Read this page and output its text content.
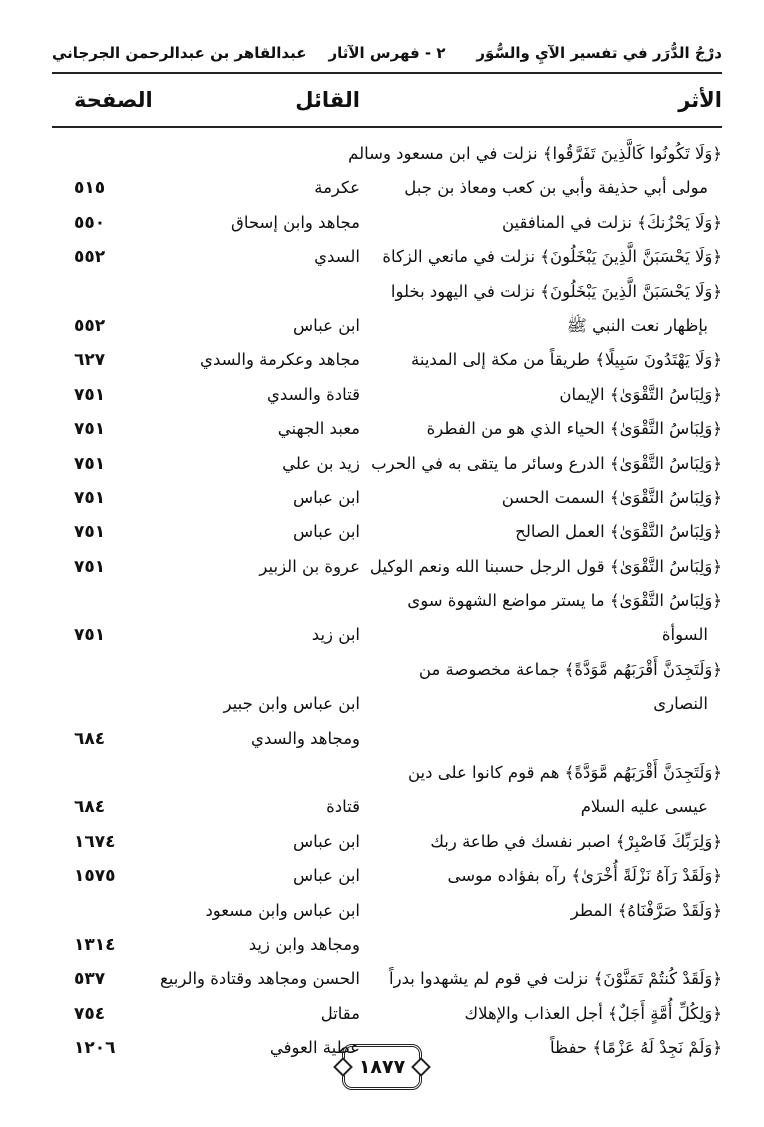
درْجُ الدُّرَر في تفسير الآيِ والسُّوَر
٢ - فهرس الآثار
عبدالقاهر بن عبدالرحمن الجرجاني
الأثر
القائل
الصفحة
﴿وَلَا تَكُونُوا كَالَّذِينَ تَفَرَّقُوا﴾ نزلت في ابن مسعود وسالم
مولى أبي حذيفة وأبي بن كعب ومعاذ بن جبل
عكرمة
٥١٥
﴿وَلَا يَحْزُنكَ﴾ نزلت في المنافقين
مجاهد وابن إسحاق
٥٥٠
﴿وَلَا يَحْسَبَنَّ الَّذِينَ يَبْخَلُونَ﴾ نزلت في مانعي الزكاة
السدي
٥٥٢
﴿وَلَا يَحْسَبَنَّ الَّذِينَ يَبْخَلُونَ﴾ نزلت في اليهود بخلوا
بإظهار نعت النبي ﷺ
ابن عباس
٥٥٢
﴿وَلَا يَهْتَدُونَ سَبِيلًا﴾ طريقاً من مكة إلى المدينة
مجاهد وعكرمة والسدي
٦٢٧
﴿وَلِبَاسُ التَّقْوَىٰ﴾ الإيمان
قتادة والسدي
٧٥١
﴿وَلِبَاسُ التَّقْوَىٰ﴾ الحياء الذي هو من الفطرة
معبد الجهني
٧٥١
﴿وَلِبَاسُ التَّقْوَىٰ﴾ الدرع وسائر ما يتقى به في الحرب
زيد بن علي
٧٥١
﴿وَلِبَاسُ التَّقْوَىٰ﴾ السمت الحسن
ابن عباس
٧٥١
﴿وَلِبَاسُ التَّقْوَىٰ﴾ العمل الصالح
ابن عباس
٧٥١
﴿وَلِبَاسُ التَّقْوَىٰ﴾ قول الرجل حسبنا الله ونعم الوكيل
عروة بن الزبير
٧٥١
﴿وَلِبَاسُ التَّقْوَىٰ﴾ ما يستر مواضع الشهوة سوى
السوأة
ابن زيد
٧٥١
﴿وَلَتَجِدَنَّ أَقْرَبَهُم مَّوَدَّةً﴾ جماعة مخصوصة من
النصارى
ابن عباس وابن جبير
ومجاهد والسدي
٦٨٤
﴿وَلَتَجِدَنَّ أَقْرَبَهُم مَّوَدَّةً﴾ هم قوم كانوا على دين
عيسى عليه السلام
قتادة
٦٨٤
﴿وَلِرَبِّكَ فَاصْبِرْ﴾ اصبر نفسك في طاعة ربك
ابن عباس
١٦٧٤
﴿وَلَقَدْ رَآهُ نَزْلَةً أُخْرَىٰ﴾ رآه بفؤاده موسى
ابن عباس
١٥٧٥
﴿وَلَقَدْ صَرَّفْنَاهُ﴾ المطر
ابن عباس وابن مسعود
ومجاهد وابن زيد
١٣١٤
﴿وَلَقَدْ كُنتُمْ تَمَنَّوْنَ﴾ نزلت في قوم لم يشهدوا بدراً
الحسن ومجاهد وقتادة والربيع
٥٣٧
﴿وَلِكُلِّ أُمَّةٍ أَجَلٌ﴾ أجل العذاب والإهلاك
مقاتل
٧٥٤
﴿وَلَمْ نَجِدْ لَهُ عَزْمًا﴾ حفظاً
عطية العوفي
١٢٠٦
١٨٧٧
